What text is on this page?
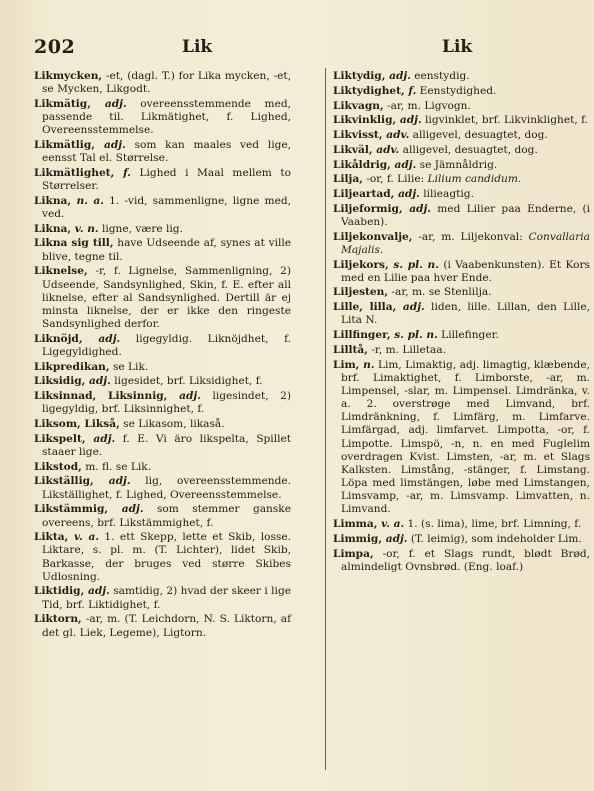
202	Lik	Lik

Likmycken, -et, (dagl. T.) for Lika mycken, -et, se Mycken, Likgodt.

Likmätig, adj. overeensstemmende med, passende til. Likmätighet, f. Lighed, Overeensstemmelse.

Likmätlig, adj. som kan maales ved lige, eensst Tal el. Størrelse.

Likmätlighet, f. Lighed i Maal mellem to Størrelser.

Likna, n. a. 1. -vid, sammenligne, ligne med, ved.

Likna, v. n. ligne, være lig.

Likna sig till, have Udseende af, synes at ville blive, tegne til.

Liknelse, -r, f. Lignelse, Sammenligning, 2) Udseende, Sandsynlighed, Skin, f. E. efter all liknelse, efter al Sandsynlighed. Dertill är ej minsta liknelse, der er ikke den ringeste Sandsynlighed derfor.

Liknöjd, adj. ligegyldig. Liknöjdhet, f. Ligegyldighed.

Likpredikan, se Lik.

Liksidig, adj. ligesidet, brf. Liksidighet, f.

Liksinnad, Liksinnig, adj. ligesindet, 2) ligegyldig, brf. Liksinnighet, f.

Liksom, Likså, se Likasom, likaså.

Likspelt, adj. f. E. Vi äro likspelta, Spillet staaer lige.

Likstod, m. fl. se Lik.

Likställig, adj. lig, overeensstemmende. Likställighet, f. Lighed, Overeensstemmelse.

Likstämmig, adj. som stemmer ganske overeens, brf. Likstämmighet, f.

Likta, v. a. 1. ett Skepp, lette et Skib, losse. Liktare, s. pl. m. (T. Lichter), lidet Skib, Barkasse, der bruges ved større Skibes Udlosning.

Liktidig, adj. samtidig, 2) hvad der skeer i lige Tid, brf. Liktidighet, f.

Liktorn, -ar, m. (T. Leichdorn, N. S. Liktorn, af det gl. Liek, Legeme), Ligtorn.

Liktydig, adj. eenstydig.

Liktydighet, f. Eenstydighed.

Likvagn, -ar, m. Ligvogn.

Likvinklig, adj. ligvinklet, brf. Likvinklighet, f.

Likvisst, adv. alligevel, desuagtet, dog.

Likväl, adv. alligevel, desuagtet, dog.

Likåldrig, adj. se Jämnåldrig.

Lilja, -or, f. Lilie: Lilium candidum.

Liljeartad, adj. lilieagtig.

Liljeformig, adj. med Lilier paa Enderne, (i Vaaben).

Liljekonvalje, -ar, m. Liljekonval: Convallaria Majalis.

Liljekors, s. pl. n. (i Vaabenkunsten). Et Kors med en Lilie paa hver Ende.

Liljesten, -ar, m. se Stenlilja.

Lille, lilla, adj. liden, lille. Lillan, den Lille, Lita N.

Lillfinger, s. pl. n. Lillefinger.

Lilltå, -r, m. Lilletaa.

Lim, n. Lim, Limaktig, adj. limagtig, klæbende, brf. Limaktighet, f. Limborste, -ar, m. Limpensel, -slar, m. Limpensel. Limdränka, v. a. 2. overstrøge med Limvand, brf. Limdränkning, f. Limfärg, m. Limfarve. Limfärgad, adj. limfarvet. Limpotta, -or, f. Limpotte. Limspö, -n, n. en med Fuglelim overdragen Kvist. Limsten, -ar, m. et Slags Kalksten. Limstång, -stänger, f. Limstang. Löpa med limstängen, løbe med Limstangen, Limsvamp, -ar, m. Limsvamp. Limvatten, n. Limvand.

Limma, v. a. 1. (s. lima), lime, brf. Limning, f.

Limmig, adj. (T. leimig), som indeholder Lim.

Limpa, -or, f. et Slags rundt, blødt Brød, almindeligt Ovnsbrød. (Eng. loaf.)
